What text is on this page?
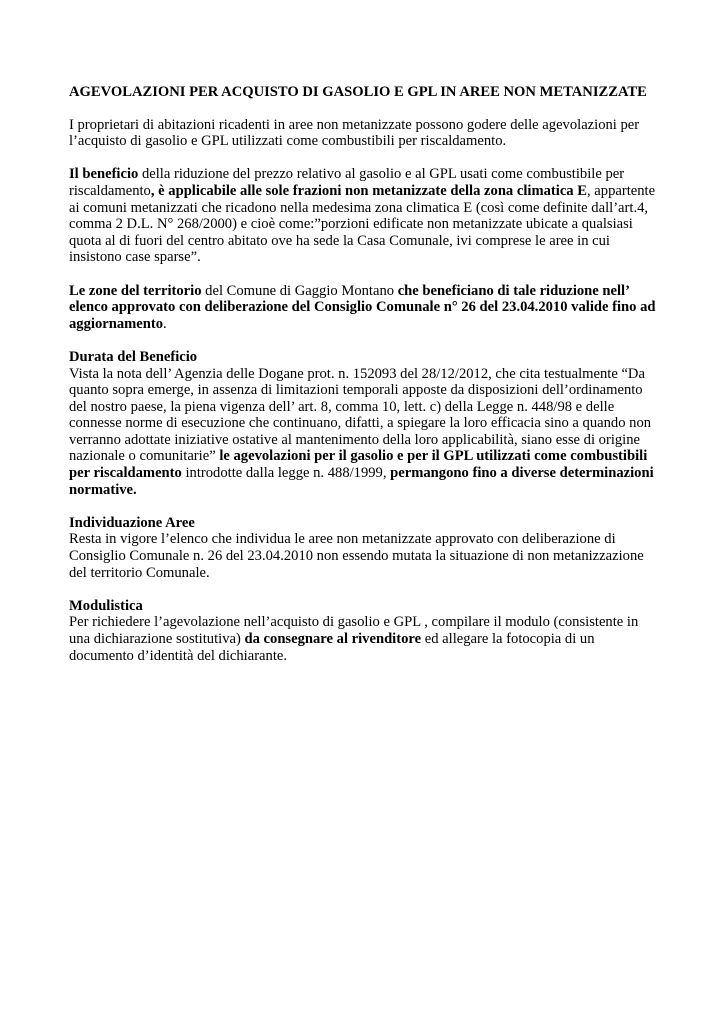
AGEVOLAZIONI PER ACQUISTO DI GASOLIO E GPL IN AREE NON METANIZZATE

I proprietari di abitazioni ricadenti in aree non metanizzate possono godere delle agevolazioni per l’acquisto di gasolio e GPL utilizzati come combustibili per riscaldamento.

Il beneficio della riduzione del prezzo relativo al gasolio e al GPL usati come combustibile per riscaldamento, è applicabile alle sole frazioni non metanizzate della zona climatica E, appartente ai comuni metanizzati che ricadono nella medesima zona climatica E (così come definite dall’art.4, comma 2 D.L. N° 268/2000) e cioè come:”porzioni edificate non metanizzate ubicate a qualsiasi quota al di fuori del centro abitato ove ha sede la Casa Comunale, ivi comprese le aree in cui insistono case sparse”.

Le zone del territorio del Comune di Gaggio Montano che beneficiano di tale riduzione nell’ elenco approvato con deliberazione del Consiglio Comunale n° 26 del 23.04.2010 valide fino ad aggiornamento.

Durata del Beneficio

Vista la nota dell’ Agenzia delle Dogane prot. n. 152093 del 28/12/2012, che cita testualmente “Da quanto sopra emerge, in assenza di limitazioni temporali apposte da disposizioni dell’ordinamento del nostro paese, la piena vigenza dell’ art. 8, comma 10, lett. c) della Legge n. 448/98 e delle connesse norme di esecuzione che continuano, difatti, a spiegare la loro efficacia sino a quando non verranno adottate iniziative ostative al mantenimento della loro applicabilità, siano esse di origine nazionale o comunitarie” le agevolazioni per il gasolio e per il GPL utilizzati come combustibili per riscaldamento introdotte dalla legge n. 488/1999, permangono fino a diverse determinazioni normative.

Individuazione Aree

Resta in vigore l’elenco che individua le aree non metanizzate approvato con deliberazione di Consiglio Comunale n. 26 del 23.04.2010 non essendo mutata la situazione di non metanizzazione del territorio Comunale.

Modulistica

Per richiedere l’agevolazione nell’acquisto di gasolio e GPL , compilare il modulo (consistente in una dichiarazione sostitutiva) da consegnare al rivenditore ed allegare la fotocopia di un documento d’identità del dichiarante.
